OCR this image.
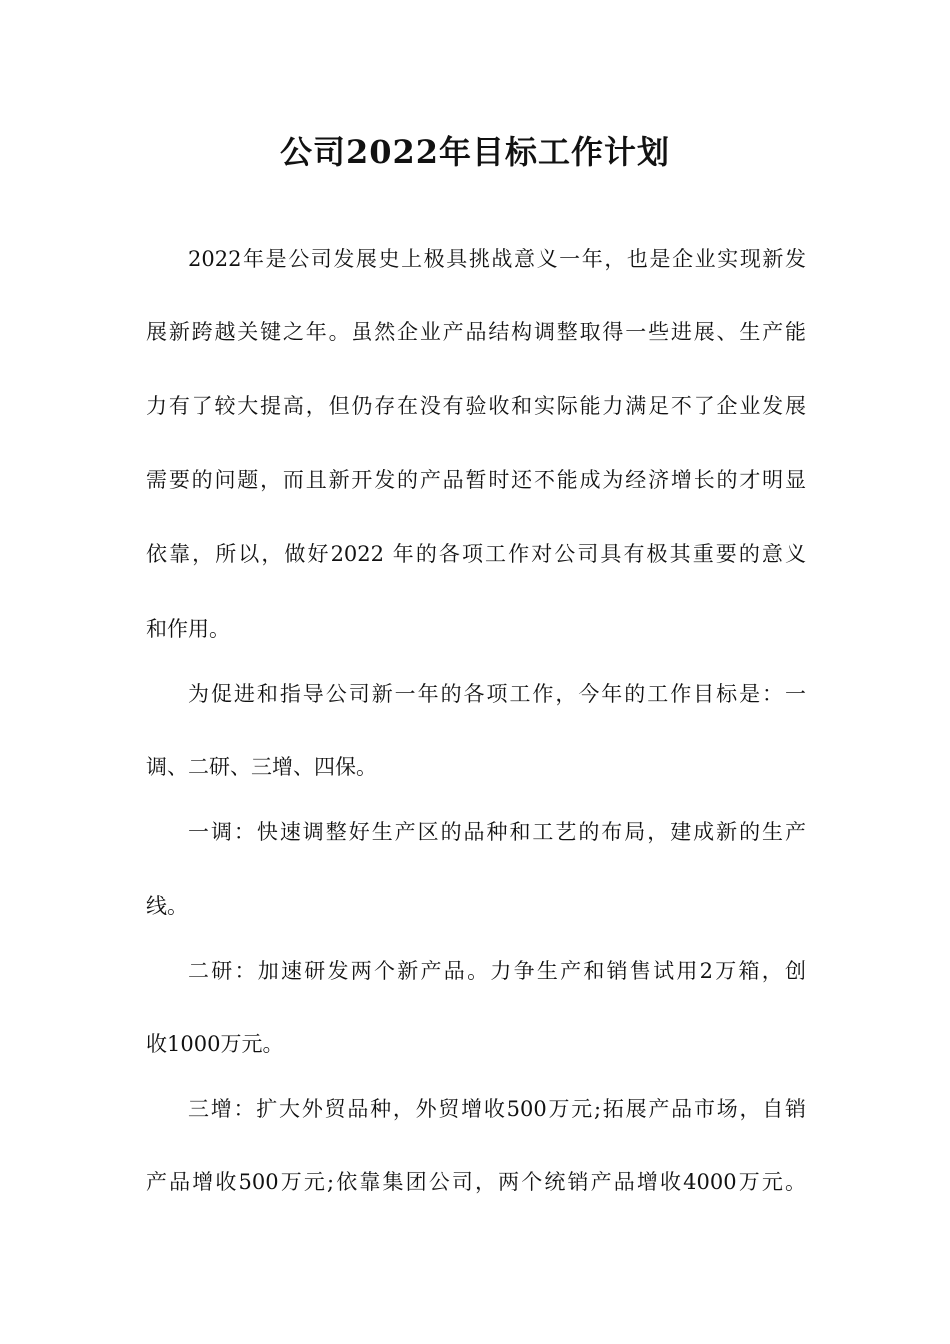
公司2022年目标工作计划
2022年是公司发展史上极具挑战意义一年，也是企业实现新发
展新跨越关键之年。虽然企业产品结构调整取得一些进展、生产能
力有了较大提高，但仍存在没有验收和实际能力满足不了企业发展
需要的问题，而且新开发的产品暂时还不能成为经济增长的才明显
依靠，所以，做好2022 年的各项工作对公司具有极其重要的意义
和作用。
为促进和指导公司新一年的各项工作，今年的工作目标是：一
调、二研、三增、四保。
一调：快速调整好生产区的品种和工艺的布局，建成新的生产
线。
二研：加速研发两个新产品。力争生产和销售试用2万箱，创
收1000万元。
三增：扩大外贸品种，外贸增收500万元;拓展产品市场，自销
产品增收500万元;依靠集团公司，两个统销产品增收4000万元。
